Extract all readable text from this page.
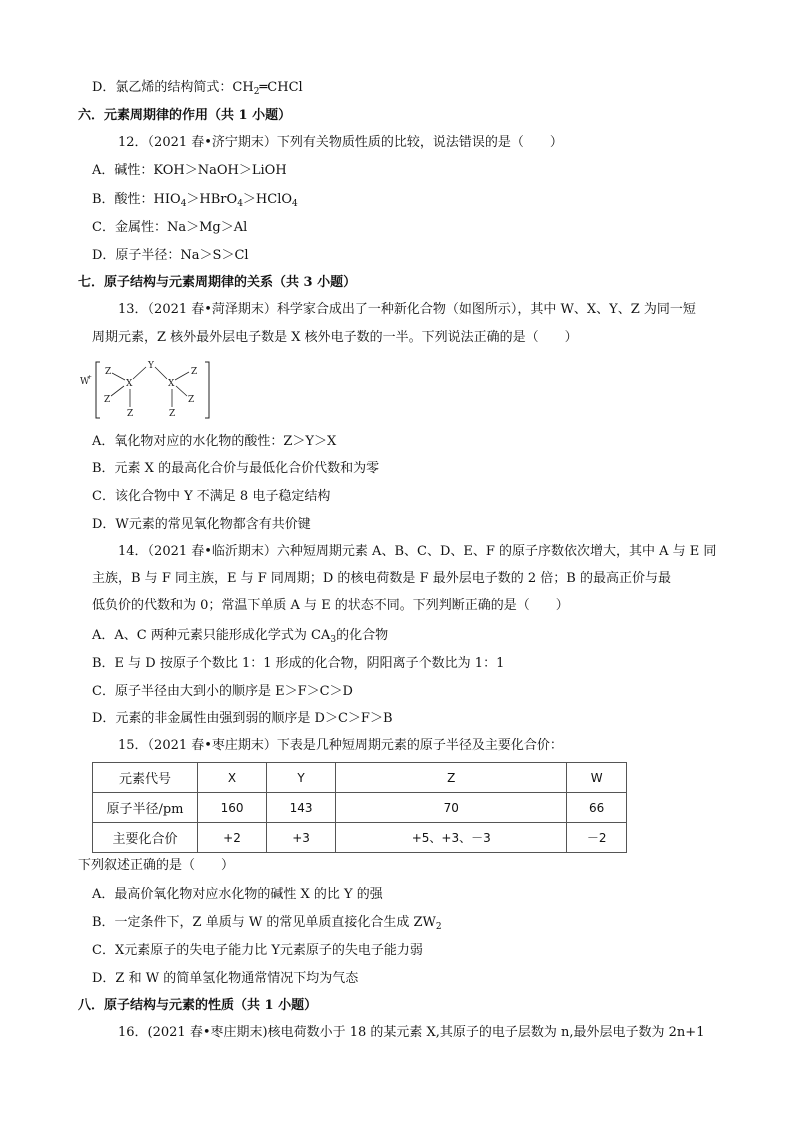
D．氯乙烯的结构简式：$CH_2═CHCl$
六．元素周期律的作用（共 1 小题）
12．（2021 春•济宁期末）下列有关物质性质的比较，说法错误的是（　　）
A．碱性：KOH＞NaOH＞LiOH
B．酸性：$HIO_4>HBrO_4>HClO_4$
C．金属性：Na＞Mg＞Al
D．原子半径：Na＞S＞Cl
七．原子结构与元素周期律的关系（共 3 小题）
13．（2021 春•菏泽期末）科学家合成出了一种新化合物（如图所示），其中 W、X、Y、Z 为同一短
周期元素，Z 核外最外层电子数是 X 核外电子数的一半。下列说法正确的是（　　）
W
+
Z
Y
X	X
Z
Z	Z
Z	Z
A．氧化物对应的水化物的酸性：Z＞Y＞X
B．元素 X 的最高化合价与最低化合价代数和为零
C．该化合物中 Y 不满足 8 电子稳定结构
D．W元素的常见氧化物都含有共价键
14．（2021 春•临沂期末）六种短周期元素 A、B、C、D、E、F 的原子序数依次增大，其中 A 与 E 同
主族，B 与 F 同主族，E 与 F 同周期；D 的核电荷数是 F 最外层电子数的 2 倍；B 的最高正价与最
低负价的代数和为 0；常温下单质 A 与 E 的状态不同。下列判断正确的是（　　）
A．A、C 两种元素只能形成化学式为 $CA_3$的化合物
B．E 与 D 按原子个数比 1：1 形成的化合物，阴阳离子个数比为 1：1
C．原子半径由大到小的顺序是 E＞F＞C＞D
D．元素的非金属性由强到弱的顺序是 D＞C＞F＞B
15．（2021 春•枣庄期末）下表是几种短周期元素的原子半径及主要化合价：
元素代号	X	Y	Z	W
原子半径/pm	160	143	70	66
主要化合价	+2	+3	+5、+3、－3	－2
下列叙述正确的是（　　）
A．最高价氧化物对应水化物的碱性 X 的比 Y 的强
B．一定条件下，Z 单质与 W 的常见单质直接化合生成 $ZW_2$
C．X元素原子的失电子能力比 Y元素原子的失电子能力弱
D．Z 和 W 的简单氢化物通常情况下均为气态
八．原子结构与元素的性质（共 1 小题）
16．(2021 春•枣庄期末)核电荷数小于 18 的某元素 X,其原子的电子层数为 n,最外层电子数为 2n+1
